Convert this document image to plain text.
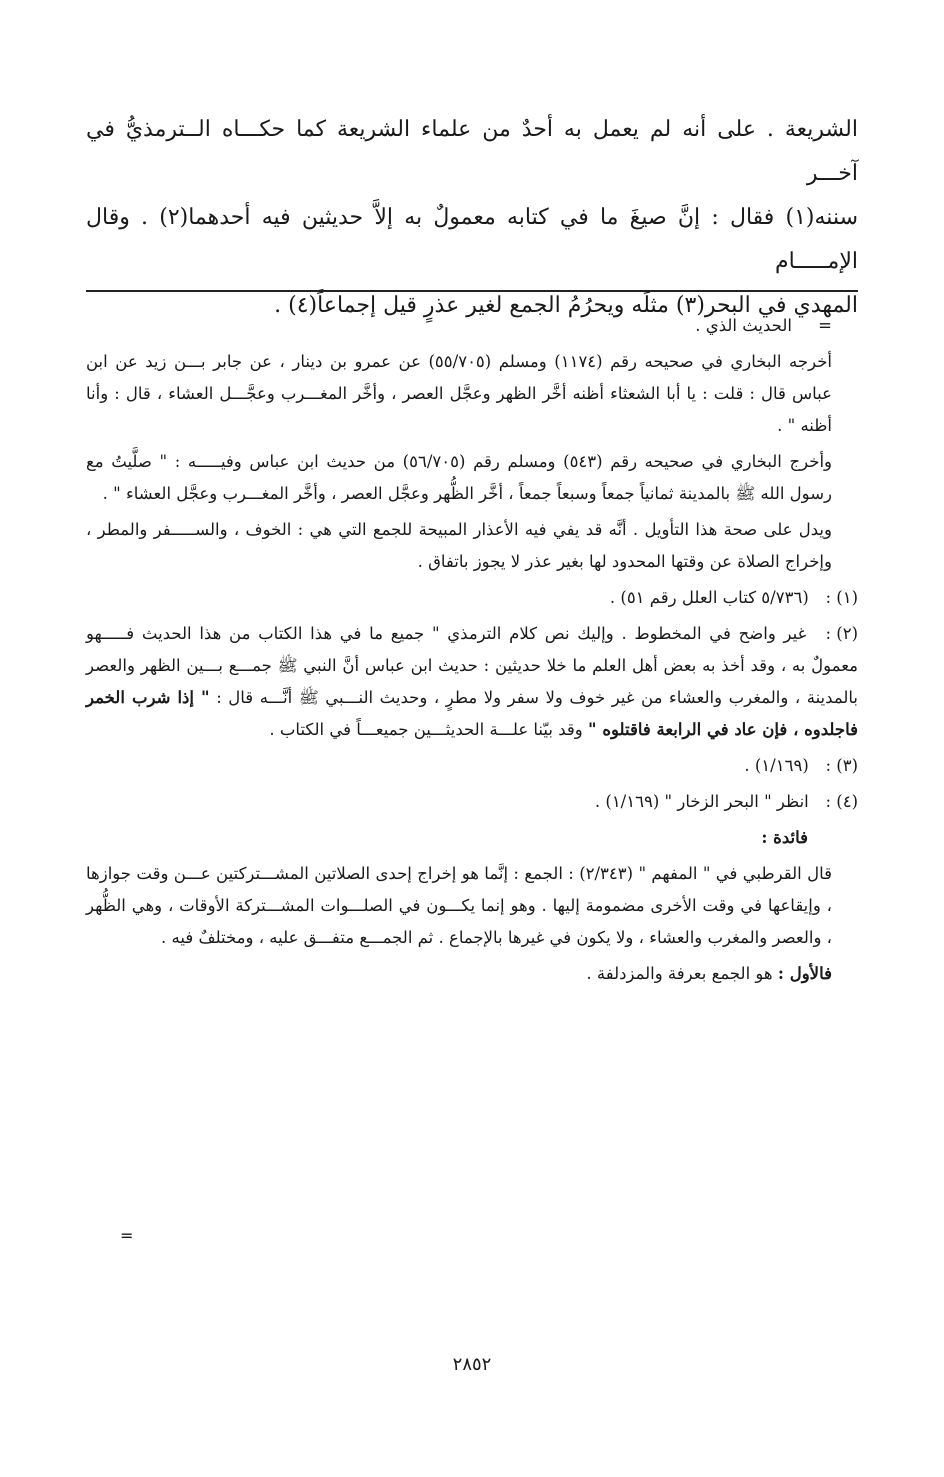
الشريعة . على أنه لم يعمل به أحدٌ من علماء الشريعة كما حكـــاه الــترمذيُّ في آخـــر

سننه(١) فقال : إنَّ صيغَ ما في كتابه معمولٌ به إلاَّ حديثين فيه أحدهما(٢) . وقال الإمـــــام

المهدي في البحر(٣) مثلَه ويحرُمُ الجمع لغير عذرٍ قيل إجماعاً(٤) .

=     الحديث الذي .
أخرجه البخاري في صحيحه رقم (١١٧٤) ومسلم (٥٥/٧٠٥) عن عمرو بن دينار ، عن جابر بـــن زيد عن ابن عباس قال : قلت : يا أبا الشعثاء أظنه أخَّر الظهر وعجَّل العصر ، وأخَّر المغـــرب وعجَّـــل العشاء ، قال : وأنا أظنه " .
وأخرج البخاري في صحيحه رقم (٥٤٣) ومسلم رقم (٥٦/٧٠٥) من حديث ابن عباس وفيـــــه : " صلَّيتُ مع رسول الله ﷺ بالمدينة ثمانياً جمعاً وسبعاً جمعاً ، أخَّر الظُّهر وعجَّل العصر ، وأخَّر المغـــرب وعجَّل العشاء " .
ويدل على صحة هذا التأويل . أنَّه قد يفي فيه الأعذار المبيحة للجمع التي هي : الخوف ، والســـــفر والمطر ، وإخراج الصلاة عن وقتها المحدود لها بغير عذر لا يجوز باتفاق .
(١) : (٥/٧٣٦ كتاب العلل رقم ٥١) .
(٢) : غير واضح في المخطوط . وإليك نص كلام الترمذي " جميع ما في هذا الكتاب من هذا الحديث فـــــهو معمولٌ به ، وقد أخذ به بعض أهل العلم ما خلا حديثين : حديث ابن عباس أنَّ النبي ﷺ جمـــع بـــين الظهر والعصر بالمدينة ، والمغرب والعشاء من غير خوف ولا سفر ولا مطرٍ ، وحديث النـــبي ﷺ أنَّـــه قال : " إذا شرب الخمر فاجلدوه ، فإن عاد في الرابعة فاقتلوه " وقد بيّنا علـــة الحديثـــين جميعـــاً في الكتاب .
(٣) : (١/١٦٩) .
(٤) : انظر " البحر الزخار " (١/١٦٩) .
فائدة :
قال القرطبي في " المفهم " (٢/٣٤٣) : الجمع : إنَّما هو إخراج إحدى الصلاتين المشـــتركتين عـــن وقت جوازها ، وإيقاعها في وقت الأخرى مضمومة إليها . وهو إنما يكـــون في الصلـــوات المشـــتركة الأوقات ، وهي الظُّهر ، والعصر والمغرب والعشاء ، ولا يكون في غيرها بالإجماع . ثم الجمـــع متفـــق عليه ، ومختلفٌ فيه .
فالأول : هو الجمع بعرفة والمزدلفة .
=
٢٨٥٢
